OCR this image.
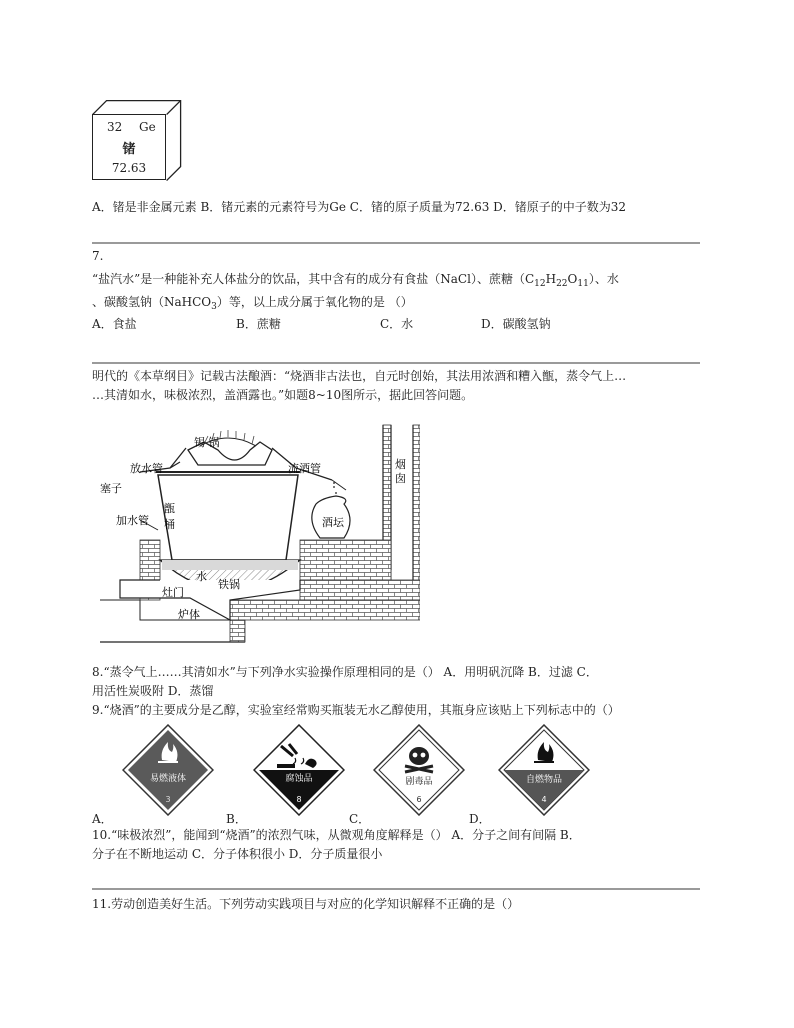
32 Ge
锗
72.63
A．锗是非金属元素 B．锗元素的元素符号为Ge C．锗的原子质量为72.63 D．锗原子的中子数为32
7.
“盐汽水”是一种能补充人体盐分的饮品，其中含有的成分有食盐（NaCl）、蔗糖$(C_{12}H_{22}O_{11})$、水
、碳酸氢钠（NaHCO$_3$）等，以上成分属于氧化物的是 （）
A．食盐	B．蔗糖	C．水	D．碳酸氢钠
明代的《本草纲目》记载古法酿酒：“烧酒非古法也，自元时创始，其法用浓酒和糟入甑，蒸令气上…
…其清如水，味极浓烈，盖酒露也。”如题8~10图所示，据此回答问题。
锡 锅
放水管	流酒管
塞子
甑
桶
加水管	酒坛
水
铁锅
灶门
炉体
烟
囱
8.“蒸令气上……其清如水”与下列净水实验操作原理相同的是（） A．用明矾沉降 B．过滤 C．
用活性炭吸附 D．蒸馏
9.“烧酒”的主要成分是乙醇，实验室经常购买瓶装无水乙醇使用，其瓶身应该贴上下列标志中的（）
易燃液体
3
A．
腐蚀品
8
B．
剧毒品
6
C．
自燃物品
4
D．
10.“味极浓烈”，能闻到“烧酒”的浓烈气味，从微观角度解释是（） A．分子之间有间隔 B．
分子在不断地运动 C．分子体积很小 D．分子质量很小
11.劳动创造美好生活。下列劳动实践项目与对应的化学知识解释不正确的是（）
